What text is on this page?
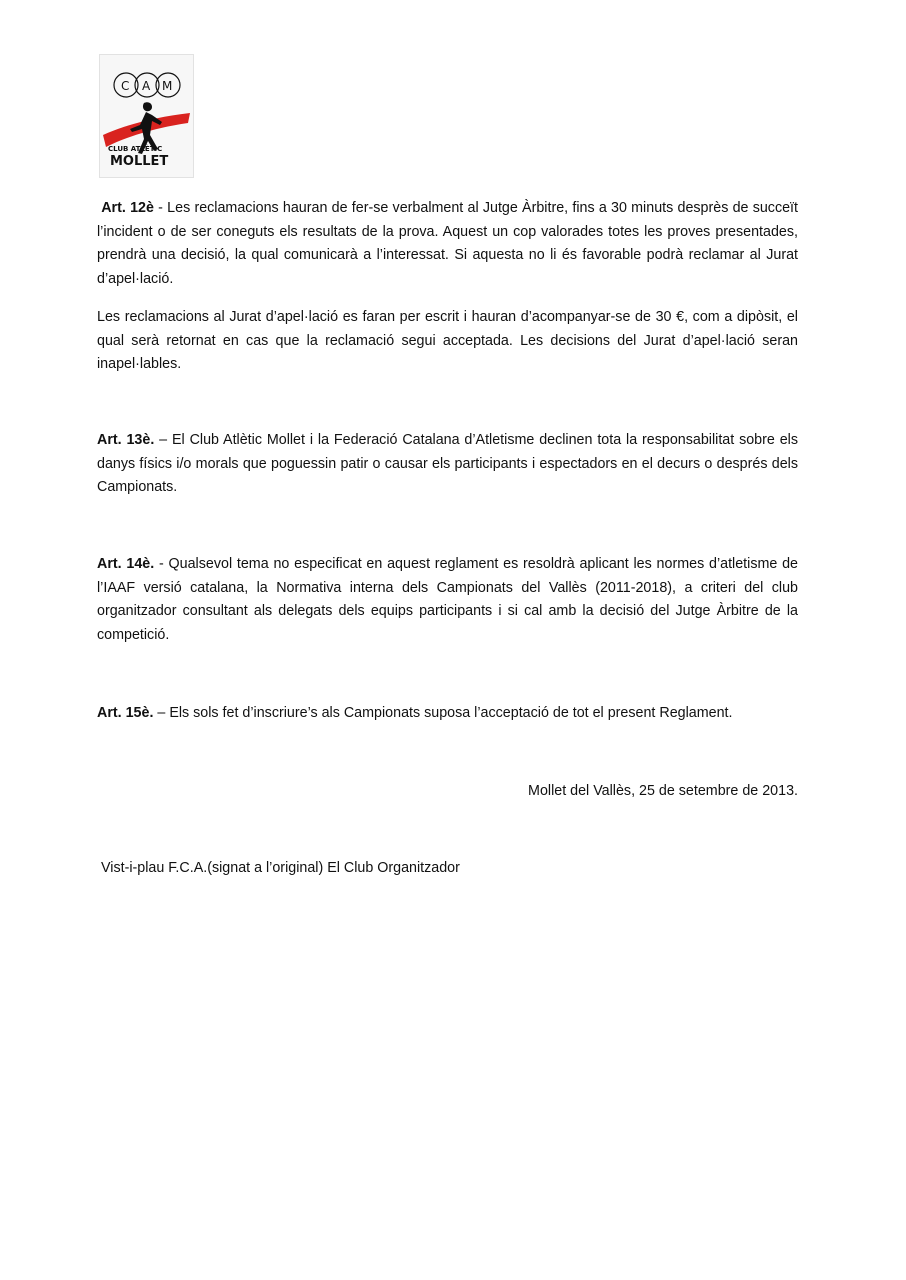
C A M
CLUB ATLÈTIC
MOLLET
Art. 12è - Les reclamacions hauran de fer-se verbalment al Jutge Àrbitre, fins a 30 minuts desprès de succeït l’incident o de ser coneguts els resultats de la prova. Aquest un cop valorades totes les proves presentades, prendrà una decisió, la qual comunicarà a l’interessat. Si aquesta no li és favorable podrà reclamar al Jurat d’apel·lació.
Les reclamacions al Jurat d’apel·lació es faran per escrit i hauran d’acompanyar-se de 30 €, com a dipòsit, el qual serà retornat en cas que la reclamació segui acceptada. Les decisions del Jurat d’apel·lació seran inapel·lables.
Art. 13è. – El Club Atlètic Mollet i la Federació Catalana d’Atletisme declinen tota la responsabilitat sobre els danys físics i/o morals que poguessin patir o causar els participants i espectadors en el decurs o després dels Campionats.
Art. 14è. - Qualsevol tema no especificat en aquest reglament es resoldrà aplicant les normes d’atletisme de l’IAAF versió catalana, la Normativa interna dels Campionats del Vallès (2011-2018), a criteri del club organitzador consultant als delegats dels equips participants i si cal amb la decisió del Jutge Àrbitre de la competició.
Art. 15è. – Els sols fet d’inscriure’s als Campionats suposa l’acceptació de tot el present Reglament.
Mollet del Vallès, 25 de setembre de 2013.
Vist-i-plau F.C.A.(signat a l’original) El Club Organitzador
